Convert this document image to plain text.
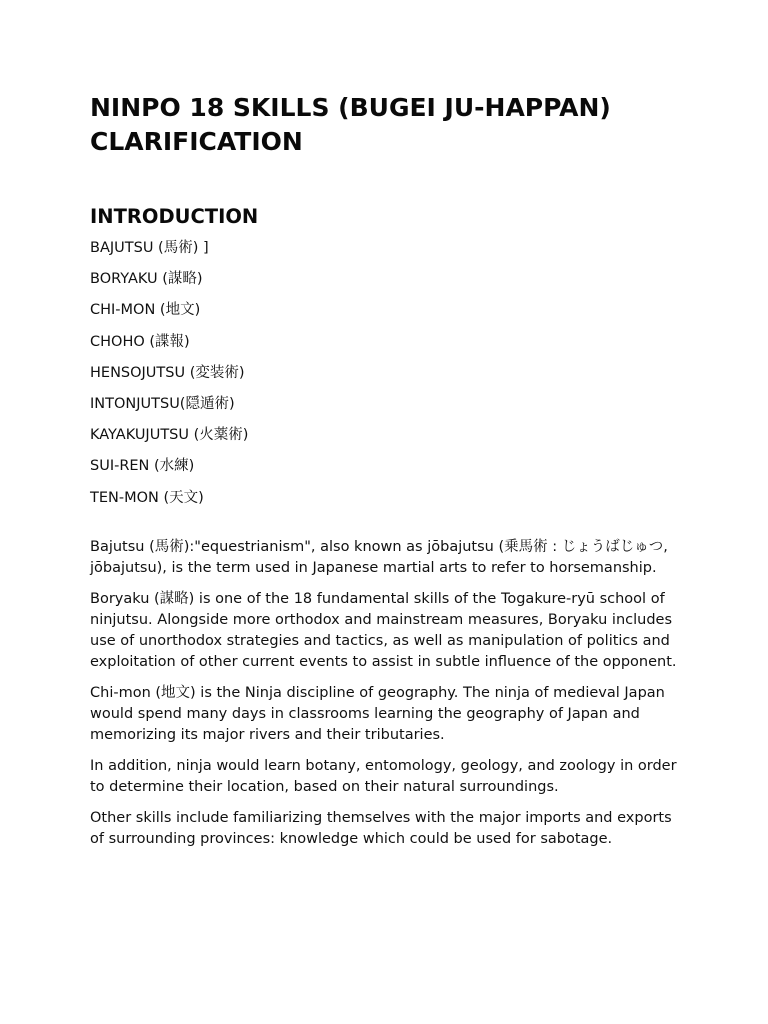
NINPO 18 SKILLS (BUGEI JU-HAPPAN) CLARIFICATION
INTRODUCTION
BAJUTSU (馬術) ]
BORYAKU (謀略)
CHI-MON (地文)
CHOHO (諜報)
HENSOJUTSU (変装術)
INTONJUTSU(隠遁術)
KAYAKUJUTSU (火薬術)
SUI-REN (水練)
TEN-MON (天文)

Bajutsu (馬術):"equestrianism", also known as jōbajutsu (乗馬術 : じょうばじゅつ, jōbajutsu), is the term used in Japanese martial arts to refer to horsemanship.

Boryaku (謀略) is one of the 18 fundamental skills of the Togakure-ryū school of ninjutsu. Alongside more orthodox and mainstream measures, Boryaku includes use of unorthodox strategies and tactics, as well as manipulation of politics and exploitation of other current events to assist in subtle influence of the opponent.

Chi-mon (地文) is the Ninja discipline of geography. The ninja of medieval Japan would spend many days in classrooms learning the geography of Japan and memorizing its major rivers and their tributaries.

In addition, ninja would learn botany, entomology, geology, and zoology in order to determine their location, based on their natural surroundings.

Other skills include familiarizing themselves with the major imports and exports of surrounding provinces: knowledge which could be used for sabotage.
